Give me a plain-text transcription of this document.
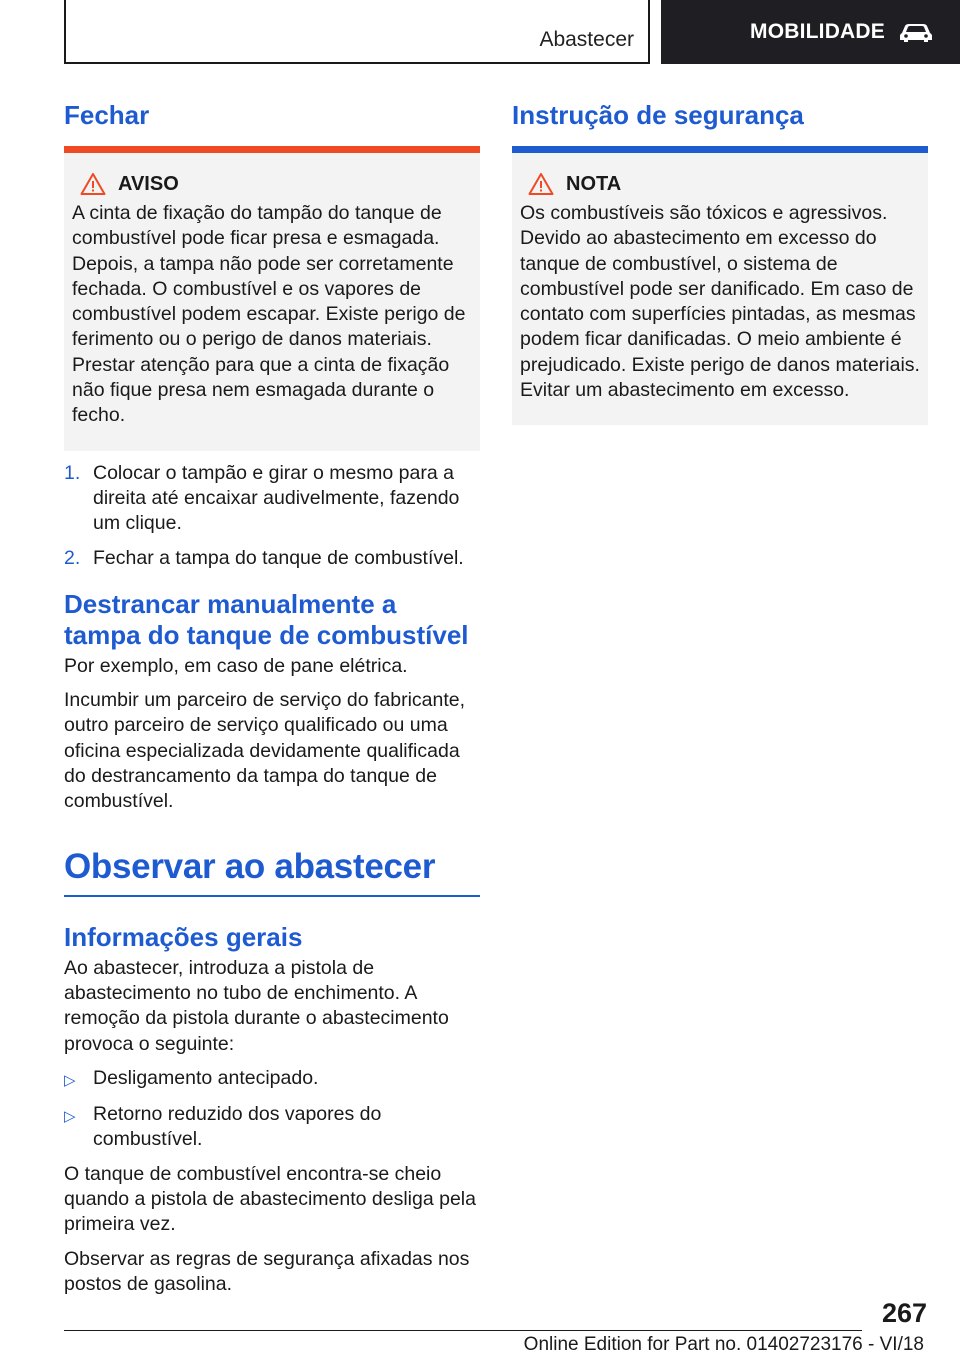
Abastecer	MOBILIDADE
Fechar
AVISO
A cinta de fixação do tampão do tanque de combustível pode ficar presa e esmagada. Depois, a tampa não pode ser corretamente fechada. O combustível e os vapores de combustível podem escapar. Existe perigo de ferimento ou o perigo de danos materiais. Prestar atenção para que a cinta de fixação não fique presa nem esmagada durante o fecho.
1. Colocar o tampão e girar o mesmo para a direita até encaixar audivelmente, fazendo um clique.
2. Fechar a tampa do tanque de combustível.
Destrancar manualmente a tampa do tanque de combustível

Por exemplo, em caso de pane elétrica.

Incumbir um parceiro de serviço do fabricante, outro parceiro de serviço qualificado ou uma oficina especializada devidamente qualificada do destrancamento da tampa do tanque de combustível.

Observar ao abastecer
Informações gerais

Ao abastecer, introduza a pistola de abastecimento no tubo de enchimento. A remoção da pistola durante o abastecimento provoca o seguinte:

▷ Desligamento antecipado.
▷ Retorno reduzido dos vapores do combustível.

O tanque de combustível encontra-se cheio quando a pistola de abastecimento desliga pela primeira vez.

Observar as regras de segurança afixadas nos postos de gasolina.

Instrução de segurança
NOTA
Os combustíveis são tóxicos e agressivos. Devido ao abastecimento em excesso do tanque de combustível, o sistema de combustível pode ser danificado. Em caso de contato com superfícies pintadas, as mesmas podem ficar danificadas. O meio ambiente é prejudicado. Existe perigo de danos materiais. Evitar um abastecimento em excesso.
267
Online Edition for Part no. 01402723176 - VI/18
